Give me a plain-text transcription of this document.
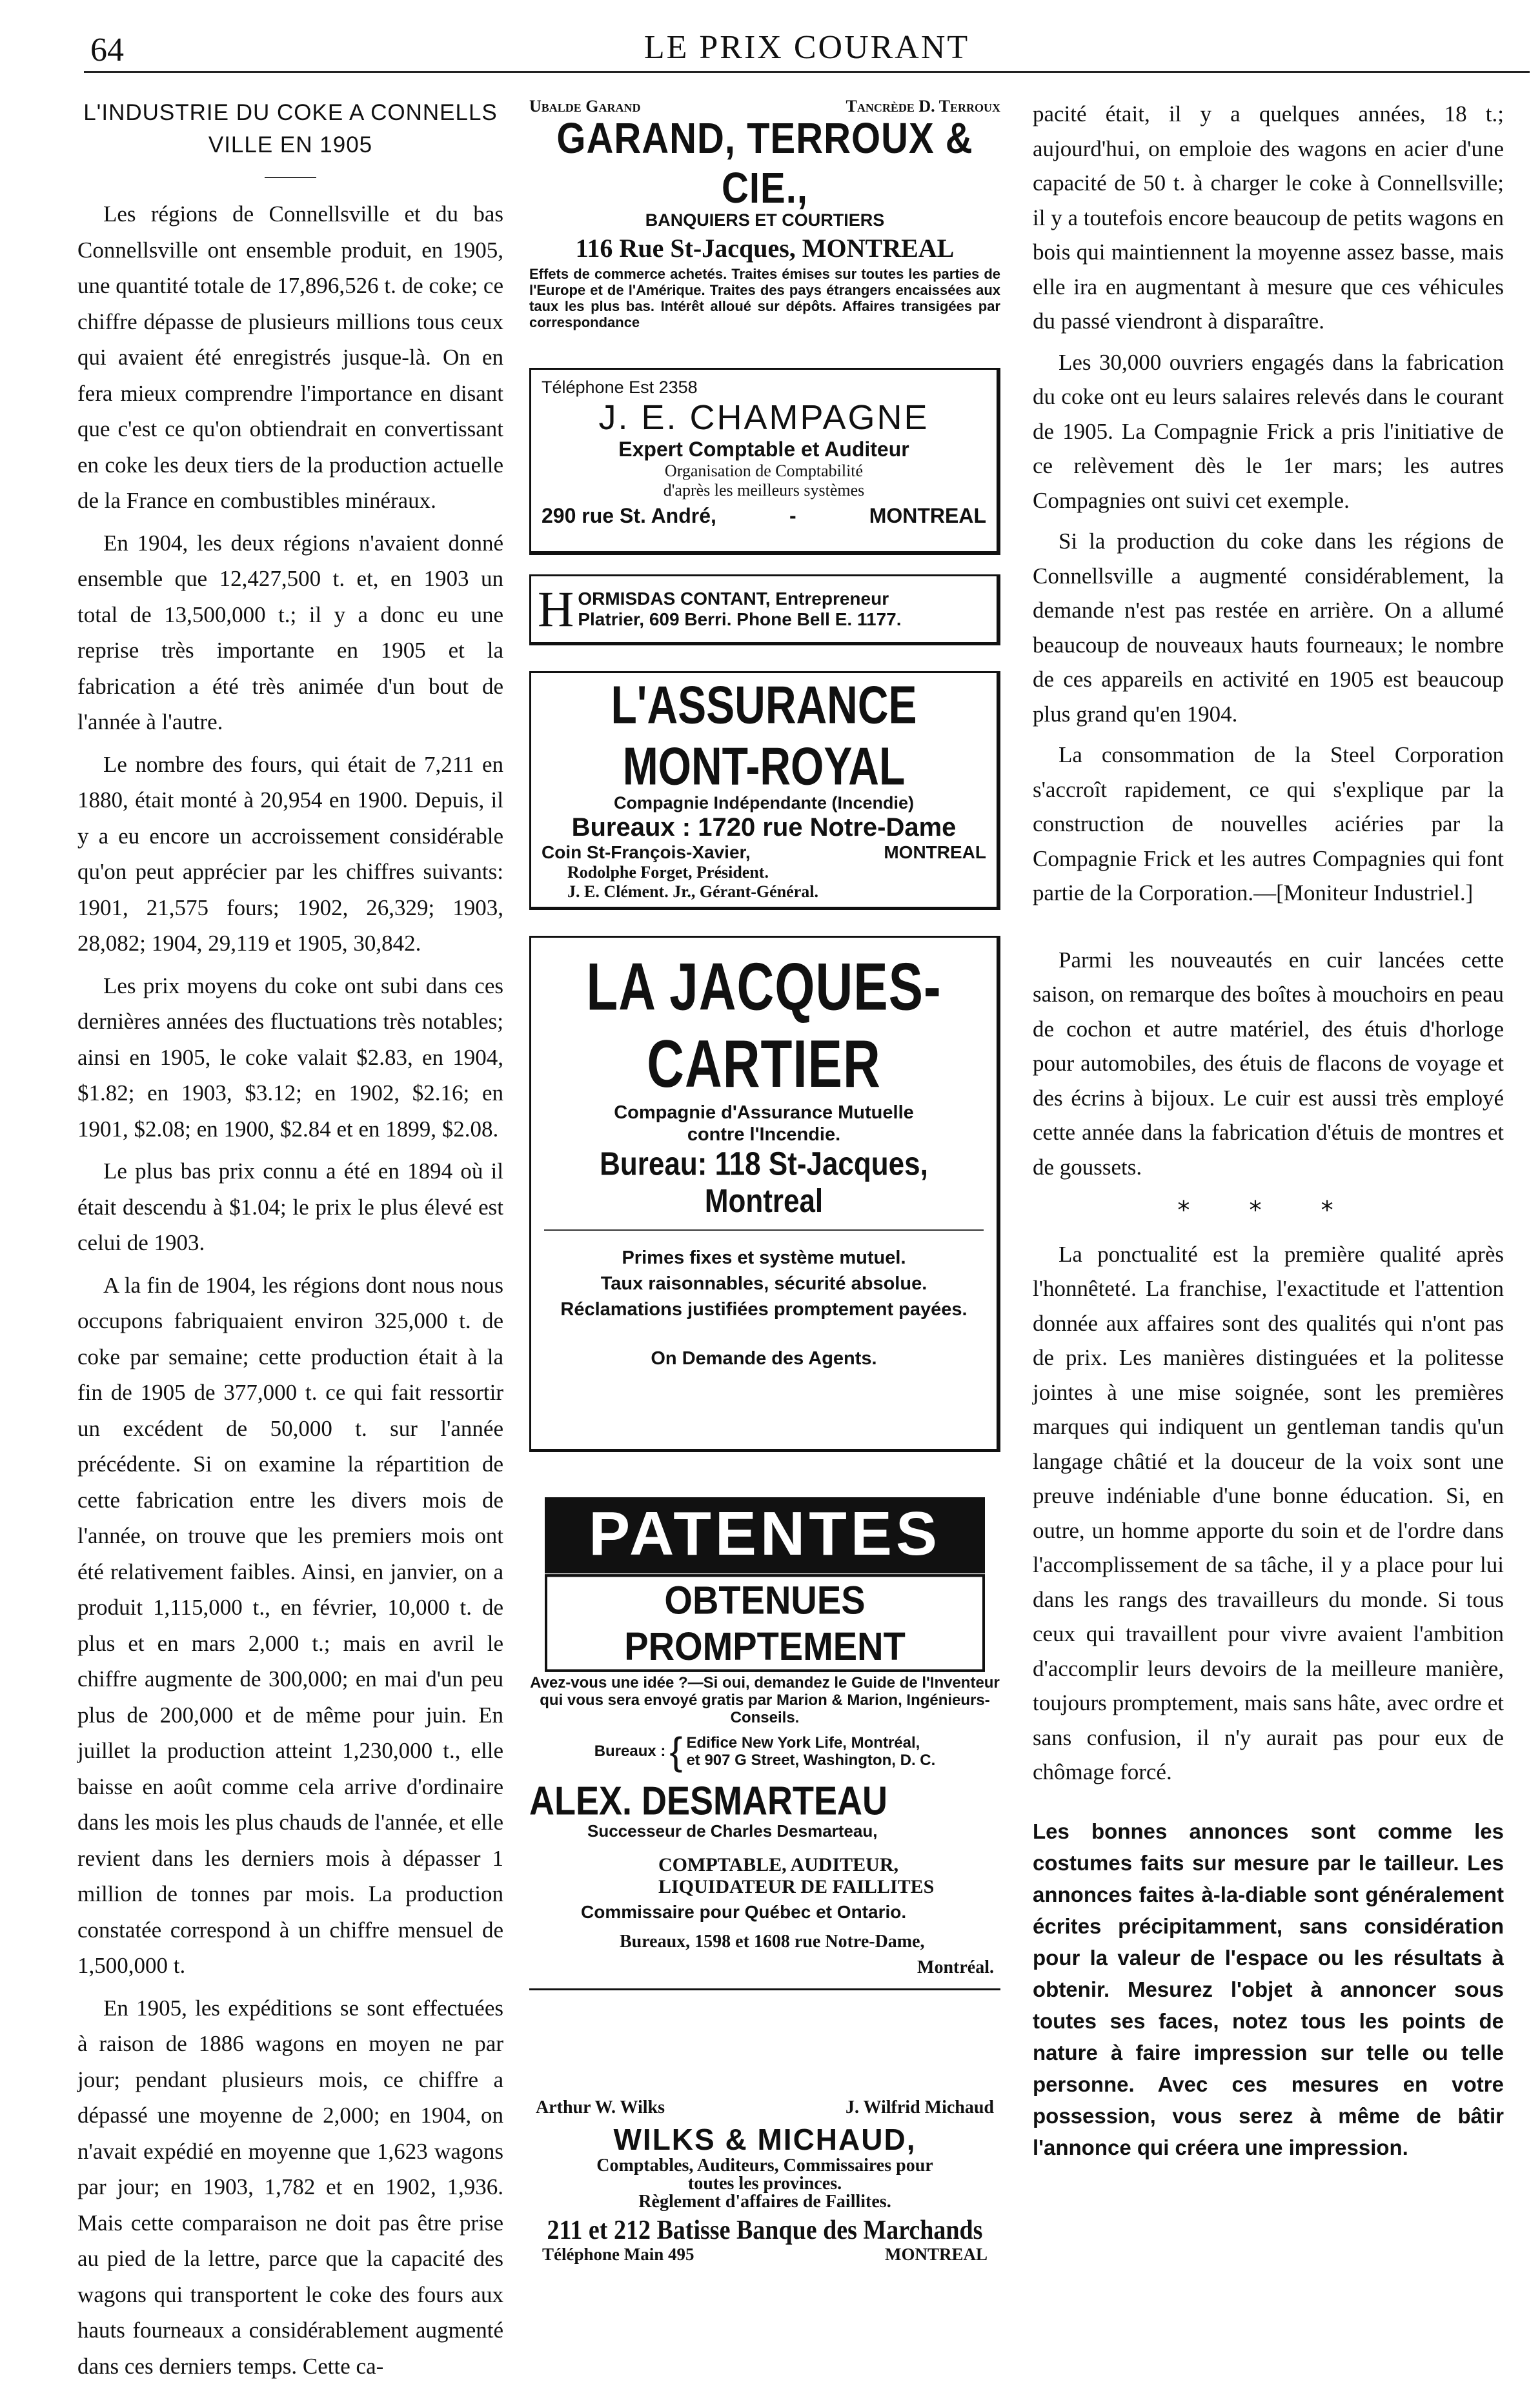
64	LE PRIX COURANT
L'INDUSTRIE DU COKE A CONNELLS
VILLE EN 1905

Les régions de Connellsville et du bas Connellsville ont ensemble produit, en 1905, une quantité totale de 17,896,526 t. de coke; ce chiffre dépasse de plusieurs millions tous ceux qui avaient été enregistrés jusque-là. On en fera mieux comprendre l'importance en disant que c'est ce qu'on obtiendrait en convertissant en coke les deux tiers de la production actuelle de la France en combustibles minéraux.

En 1904, les deux régions n'avaient donné ensemble que 12,427,500 t. et, en 1903 un total de 13,500,000 t.; il y a donc eu une reprise très importante en 1905 et la fabrication a été très animée d'un bout de l'année à l'autre.

Le nombre des fours, qui était de 7,211 en 1880, était monté à 20,954 en 1900. Depuis, il y a eu encore un accroissement considérable qu'on peut apprécier par les chiffres suivants: 1901, 21,575 fours; 1902, 26,329; 1903, 28,082; 1904, 29,119 et 1905, 30,842.

Les prix moyens du coke ont subi dans ces dernières années des fluctuations très notables; ainsi en 1905, le coke valait $2.83, en 1904, $1.82; en 1903, $3.12; en 1902, $2.16; en 1901, $2.08; en 1900, $2.84 et en 1899, $2.08.

Le plus bas prix connu a été en 1894 où il était descendu à $1.04; le prix le plus élevé est celui de 1903.

A la fin de 1904, les régions dont nous nous occupons fabriquaient environ 325,000 t. de coke par semaine; cette production était à la fin de 1905 de 377,000 t. ce qui fait ressortir un excédent de 50,000 t. sur l'année précédente. Si on examine la répartition de cette fabrication entre les divers mois de l'année, on trouve que les premiers mois ont été relativement faibles. Ainsi, en janvier, on a produit 1,115,000 t., en février, 10,000 t. de plus et en mars 2,000 t.; mais en avril le chiffre augmente de 300,000; en mai d'un peu plus de 200,000 et de même pour juin. En juillet la production atteint 1,230,000 t., elle baisse en août comme cela arrive d'ordinaire dans les mois les plus chauds de l'année, et elle revient dans les derniers mois à dépasser 1 million de tonnes par mois. La production constatée correspond à un chiffre mensuel de 1,500,000 t.

En 1905, les expéditions se sont effectuées à raison de 1886 wagons en moyen ne par jour; pendant plusieurs mois, ce chiffre a dépassé une moyenne de 2,000; en 1904, on n'avait expédié en moyenne que 1,623 wagons par jour; en 1903, 1,782 et en 1902, 1,936. Mais cette comparaison ne doit pas être prise au pied de la lettre, parce que la capacité des wagons qui transportent le coke des fours aux hauts fourneaux a considérablement augmenté dans ces derniers temps. Cette ca-

Ubalde Garand	Tancrède D. Terroux
GARAND, TERROUX & CIE.,
BANQUIERS ET COURTIERS
116 Rue St-Jacques, MONTREAL
Effets de commerce achetés. Traites émises sur toutes les parties de l'Europe et de l'Amérique. Traites des pays étrangers encaissées aux taux les plus bas. Intérêt alloué sur dépôts. Affaires transigées par correspondance
Téléphone Est 2358
J. E. CHAMPAGNE
Expert Comptable et Auditeur
Organisation de Comptabilité
d'après les meilleurs systèmes
290 rue St. André,	-	MONTREAL
H ORMISDAS CONTANT, Entrepreneur
Platrier, 609 Berri. Phone Bell E. 1177.
L'ASSURANCE MONT-ROYAL
Compagnie Indépendante (Incendie)
Bureaux : 1720 rue Notre-Dame
Coin St-François-Xavier,	MONTREAL
Rodolphe Forget, Président.
J. E. Clément. Jr., Gérant-Général.
LA JACQUES-CARTIER
Compagnie d'Assurance Mutuelle
contre l'Incendie.
Bureau: 118 St-Jacques, Montreal
Primes fixes et système mutuel.
Taux raisonnables, sécurité absolue.
Réclamations justifiées promptement payées.
On Demande des Agents.
PATENTES
OBTENUES PROMPTEMENT
Avez-vous une idée ?—Si oui, demandez le Guide de l'Inventeur qui vous sera envoyé gratis par Marion & Marion, Ingénieurs-Conseils.
Bureaux : { Edifice New York Life, Montréal,
et 907 G Street, Washington, D. C.
ALEX. DESMARTEAU
Successeur de Charles Desmarteau,
COMPTABLE, AUDITEUR,
LIQUIDATEUR DE FAILLITES
Commissaire pour Québec et Ontario.
Bureaux, 1598 et 1608 rue Notre-Dame,
Montréal.
Arthur W. Wilks	J. Wilfrid Michaud
WILKS & MICHAUD,
Comptables, Auditeurs, Commissaires pour
toutes les provinces.
Règlement d'affaires de Faillites.
211 et 212 Batisse Banque des Marchands
Téléphone Main 495	MONTREAL

pacité était, il y a quelques années, 18 t.; aujourd'hui, on emploie des wagons en acier d'une capacité de 50 t. à charger le coke à Connellsville; il y a toutefois encore beaucoup de petits wagons en bois qui maintiennent la moyenne assez basse, mais elle ira en augmentant à mesure que ces véhicules du passé viendront à disparaître.

Les 30,000 ouvriers engagés dans la fabrication du coke ont eu leurs salaires relevés dans le courant de 1905. La Compagnie Frick a pris l'initiative de ce relèvement dès le 1er mars; les autres Compagnies ont suivi cet exemple.

Si la production du coke dans les régions de Connellsville a augmenté considérablement, la demande n'est pas restée en arrière. On a allumé beaucoup de nouveaux hauts fourneaux; le nombre de ces appareils en activité en 1905 est beaucoup plus grand qu'en 1904.

La consommation de la Steel Corporation s'accroît rapidement, ce qui s'explique par la construction de nouvelles aciéries par la Compagnie Frick et les autres Compagnies qui font partie de la Corporation.—[Moniteur Industriel.]

Parmi les nouveautés en cuir lancées cette saison, on remarque des boîtes à mouchoirs en peau de cochon et autre matériel, des étuis d'horloge pour automobiles, des étuis de flacons de voyage et des écrins à bijoux. Le cuir est aussi très employé cette année dans la fabrication d'étuis de montres et de goussets.

* * *

La ponctualité est la première qualité après l'honnêteté. La franchise, l'exactitude et l'attention donnée aux affaires sont des qualités qui n'ont pas de prix. Les manières distinguées et la politesse jointes à une mise soignée, sont les premières marques qui indiquent un gentleman tandis qu'un langage châtié et la douceur de la voix sont une preuve indéniable d'une bonne éducation. Si, en outre, un homme apporte du soin et de l'ordre dans l'accomplissement de sa tâche, il y a place pour lui dans les rangs des travailleurs du monde. Si tous ceux qui travaillent pour vivre avaient l'ambition d'accomplir leurs devoirs de la meilleure manière, toujours promptement, mais sans hâte, avec ordre et sans confusion, il n'y aurait pas pour eux de chômage forcé.

Les bonnes annonces sont comme les costumes faits sur mesure par le tailleur. Les annonces faites à-la-diable sont généralement écrites précipitamment, sans considération pour la valeur de l'espace ou les résultats à obtenir. Mesurez l'objet à annoncer sous toutes ses faces, notez tous les points de nature à faire impression sur telle ou telle personne. Avec ces mesures en votre possession, vous serez à même de bâtir l'annonce qui créera une impression.
